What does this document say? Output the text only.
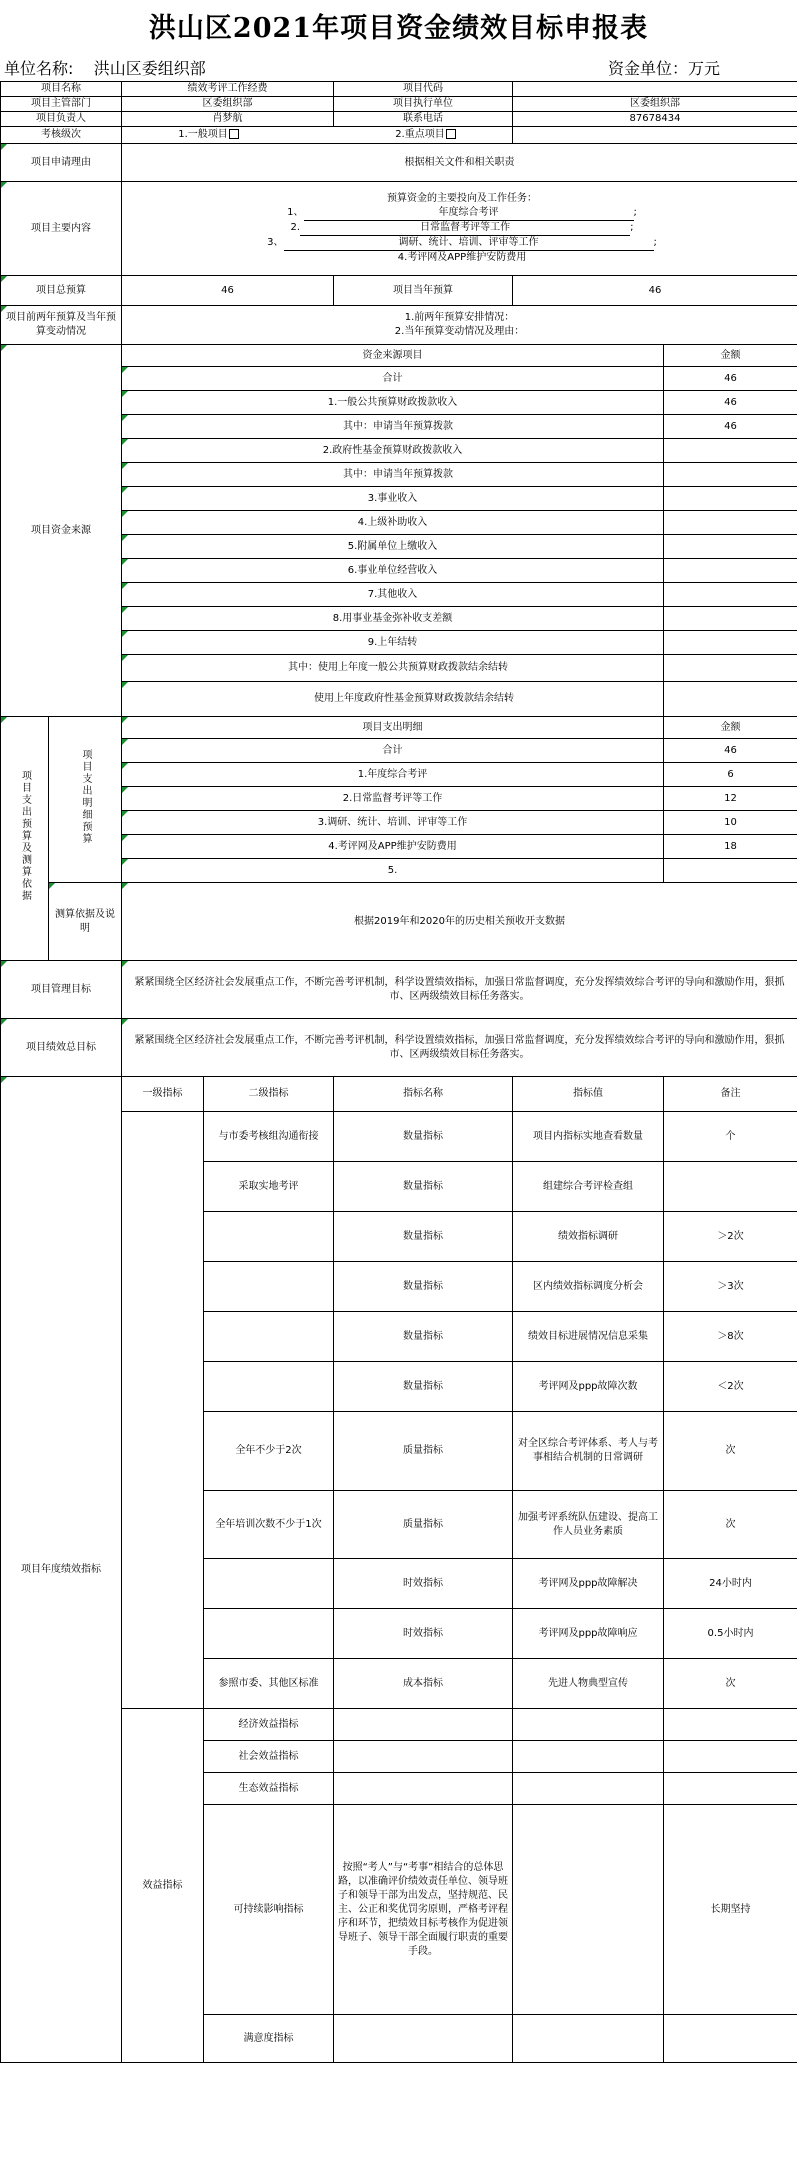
洪山区2021年项目资金绩效目标申报表
单位名称: 洪山区委组织部	资金单位：万元
项目名称		绩效考评工作经费		项目代码		
项目主管部门		区委组织部		项目执行单位	区委组织部	
项目负责人		肖梦航		联系电话	87678434	
考核级次		1.一般项目 2.重点项目				
项目申请理由		根据相关文件和相关职责				
项目主要内容		预算资金的主要投向及工作任务：
1、 年度综合考评 ;
2. 日常监督考评等工作 ;
3、 调研、统计、培训、评审等工作 ;
4.考评网及APP维护安防费用				

项目总预算		46		项目当年预算	46	
项目前两年预算及当年预算变动情况		1.前两年预算安排情况：
2.当年预算变动情况及理由：				

项目资金来源		资金来源项目				金额
		合计				46
		1.一般公共预算财政拨款收入				46
		其中：申请当年预算拨款				46
		2.政府性基金预算财政拨款收入				
		其中：申请当年预算拨款				
		3.事业收入				
		4.上级补助收入				
		5.附属单位上缴收入				
		6.事业单位经营收入				
		7.其他收入				
		8.用事业基金弥补收支差额				
		9.上年结转				
		其中：使用上年度一般公共预算财政拨款结余结转				
		使用上年度政府性基金预算财政拨款结余结转				
项目支出预算及测算依据	项目支出明细预算	项目支出明细				金额
		合计				46
		1.年度综合考评				6
		2.日常监督考评等工作				12
		3.调研、统计、培训、评审等工作				10
		4.考评网及APP维护安防费用				18
		5.				
	测算依据及说明	根据2019年和2020年的历史相关预收开支数据				
项目管理目标		紧紧围绕全区经济社会发展重点工作，不断完善考评机制，科学设置绩效指标，加强日常监督调度，充分发挥绩效综合考评的导向和激励作用，狠抓市、区两级绩效目标任务落实。				
项目绩效总目标		紧紧围绕全区经济社会发展重点工作，不断完善考评机制，科学设置绩效指标，加强日常监督调度，充分发挥绩效综合考评的导向和激励作用，狠抓市、区两级绩效目标任务落实。				
项目年度绩效指标		一级指标	二级指标	指标名称	指标值	备注
			与市委考核组沟通衔接	数量指标	项目内指标实地查看数量	个
			采取实地考评	数量指标	组建综合考评检查组	
				数量指标	绩效指标调研	＞2次
				数量指标	区内绩效指标调度分析会	＞3次
				数量指标	绩效目标进展情况信息采集	＞8次
				数量指标	考评网及ppp故障次数	＜2次
			全年不少于2次	质量指标	对全区综合考评体系、考人与考事相结合机制的日常调研	次
			全年培训次数不少于1次	质量指标	加强考评系统队伍建设、提高工作人员业务素质	次
				时效指标	考评网及ppp故障解决	24小时内
				时效指标	考评网及ppp故障响应	0.5小时内
			参照市委、其他区标准	成本指标	先进人物典型宣传	次
		效益指标	经济效益指标			
			社会效益指标			
			生态效益指标			
			可持续影响指标	按照“考人”与“考事”相结合的总体思路，以准确评价绩效责任单位、领导班子和领导干部为出发点，坚持规范、民主、公正和奖优罚劣原则，严格考评程序和环节，把绩效目标考核作为促进领导班子、领导干部全面履行职责的重要手段。		长期坚持
			满意度指标			
